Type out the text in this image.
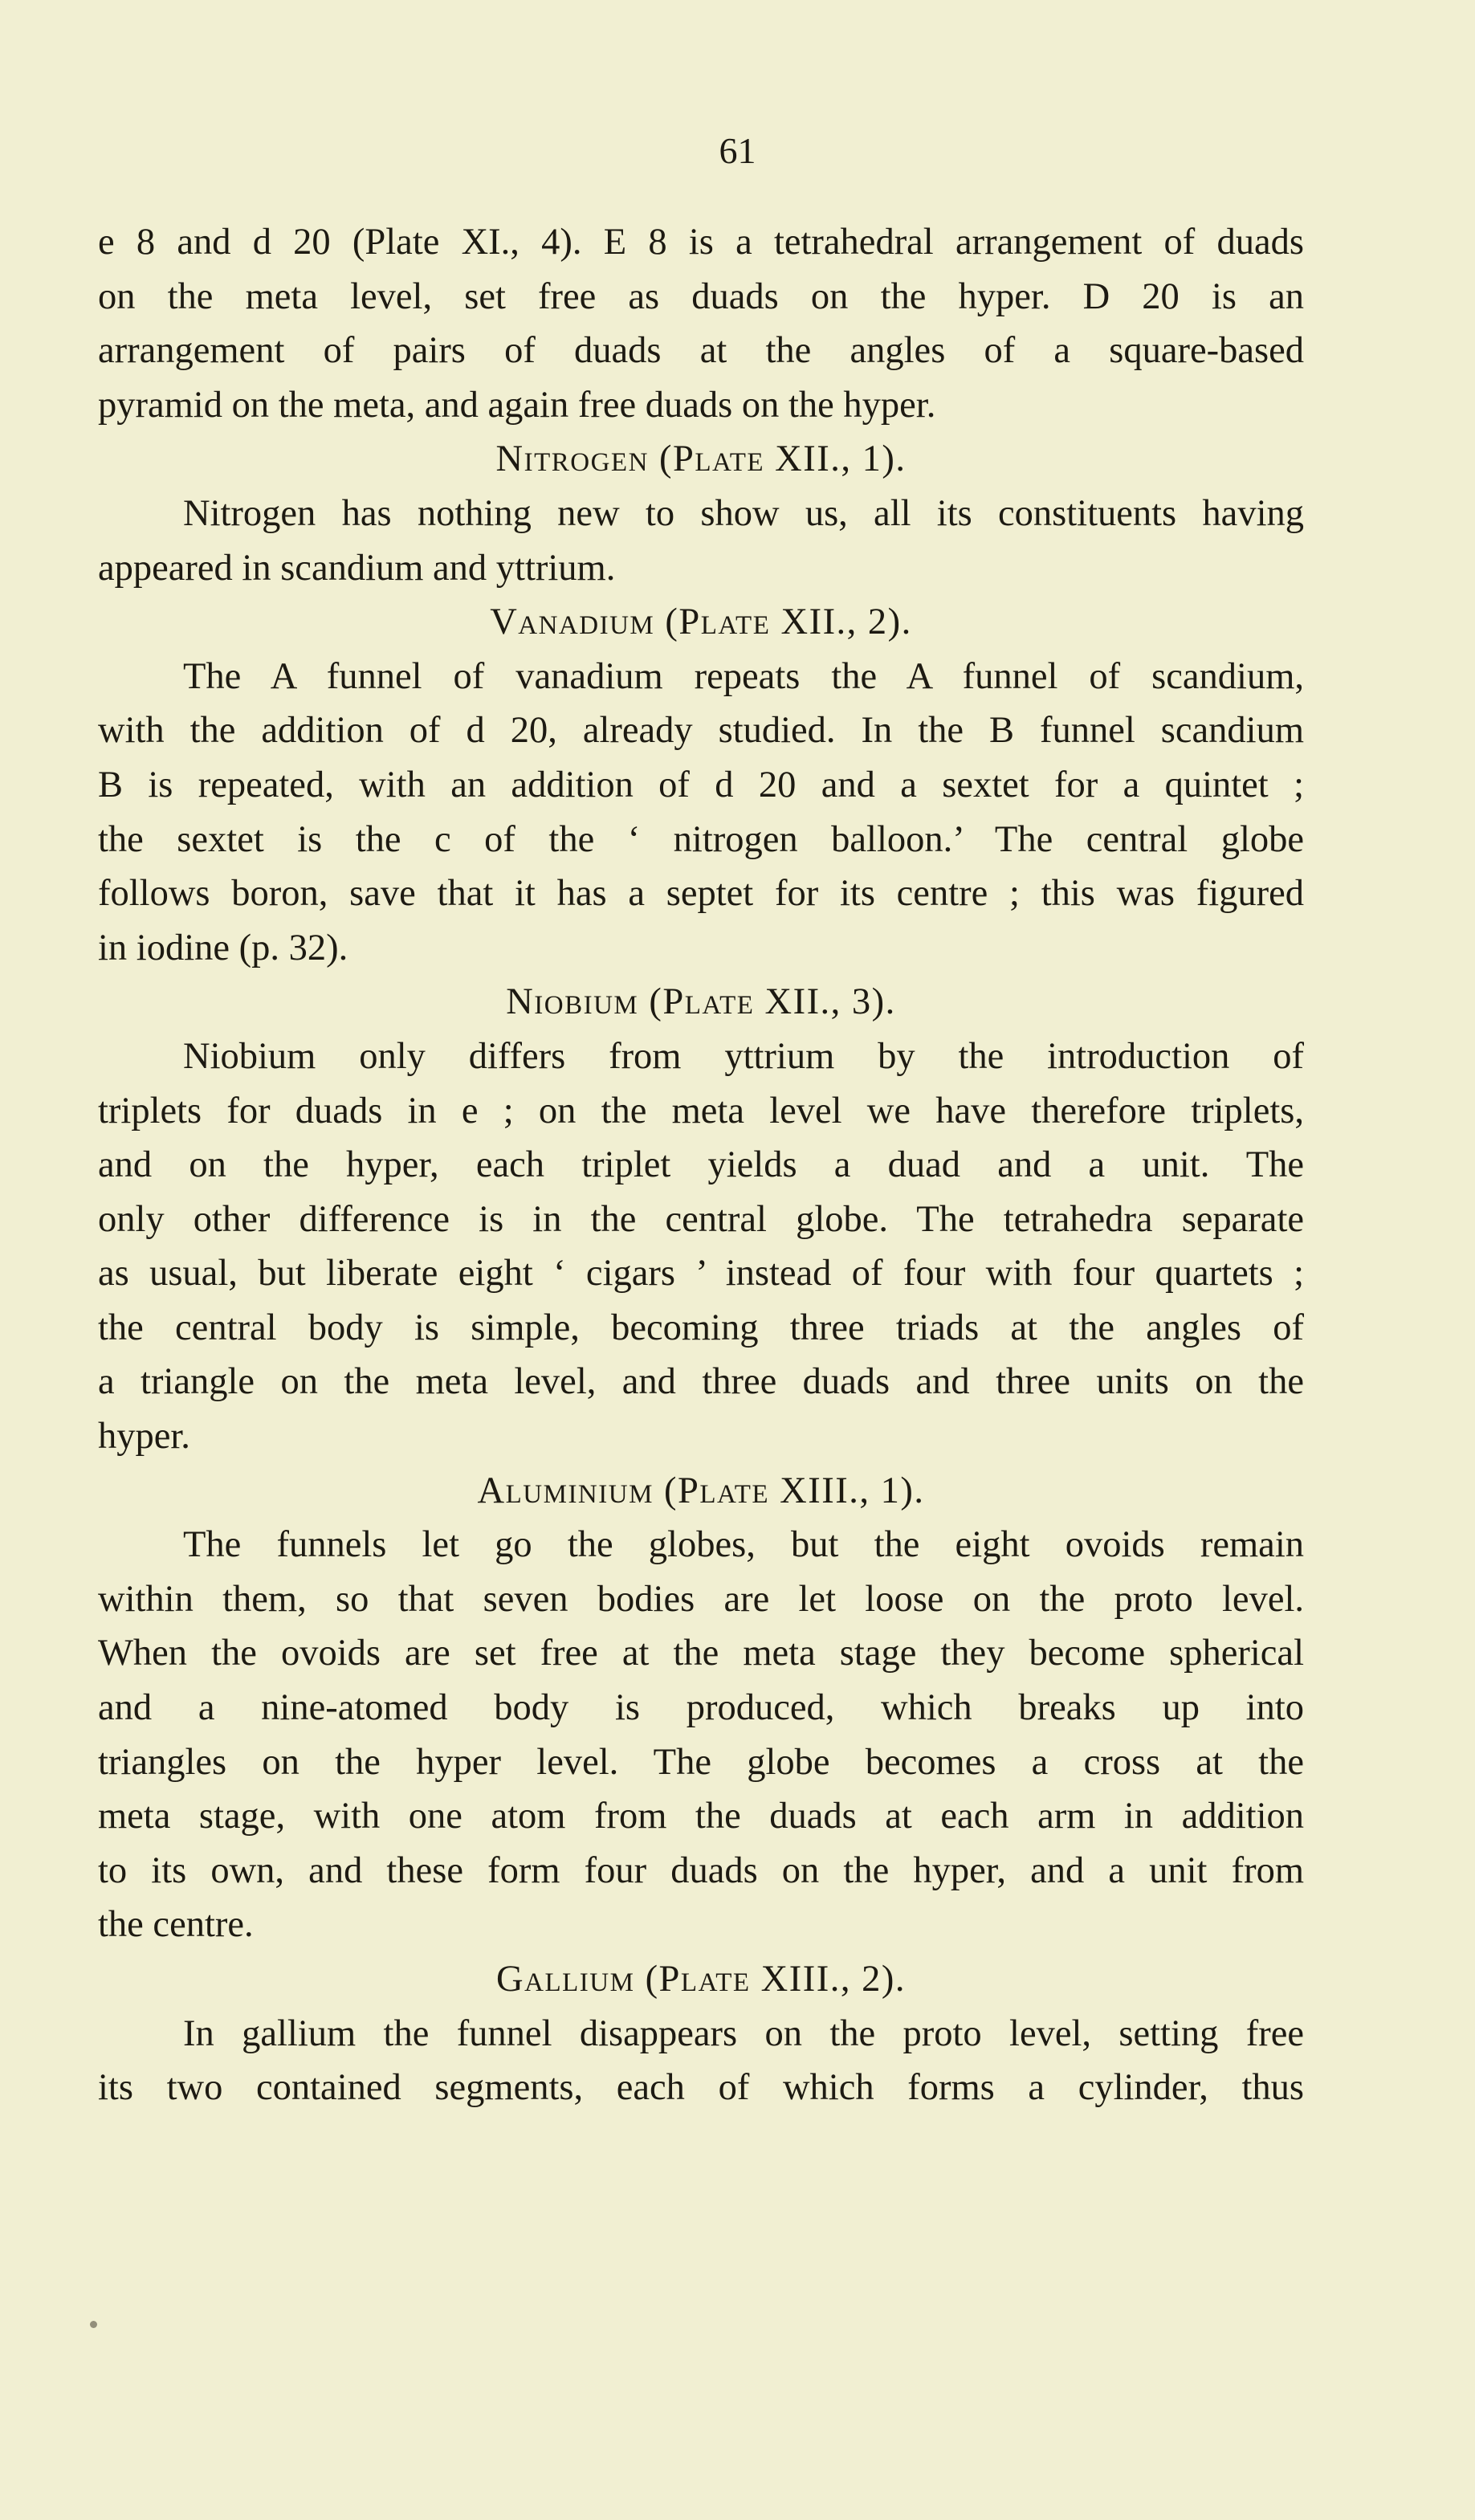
61
e 8 and d 20 (Plate XI., 4). E 8 is a tetrahedral arrangement of duads
on the meta level, set free as duads on the hyper. D 20 is an
arrangement of pairs of duads at the angles of a square-based
pyramid on the meta, and again free duads on the hyper.
Nitrogen (Plate XII., 1).
Nitrogen has nothing new to show us, all its constituents having
appeared in scandium and yttrium.
Vanadium (Plate XII., 2).
The A funnel of vanadium repeats the A funnel of scandium,
with the addition of d 20, already studied. In the B funnel scandium
B is repeated, with an addition of d 20 and a sextet for a quintet ;
the sextet is the c of the ‘ nitrogen balloon.’ The central globe
follows boron, save that it has a septet for its centre ; this was figured
in iodine (p. 32).
Niobium (Plate XII., 3).
Niobium only differs from yttrium by the introduction of
triplets for duads in e ; on the meta level we have therefore triplets,
and on the hyper, each triplet yields a duad and a unit. The
only other difference is in the central globe. The tetrahedra separate
as usual, but liberate eight ‘ cigars ’ instead of four with four quartets ;
the central body is simple, becoming three triads at the angles of
a triangle on the meta level, and three duads and three units on the
hyper.
Aluminium (Plate XIII., 1).
The funnels let go the globes, but the eight ovoids remain
within them, so that seven bodies are let loose on the proto level.
When the ovoids are set free at the meta stage they become spherical
and a nine-atomed body is produced, which breaks up into
triangles on the hyper level. The globe becomes a cross at the
meta stage, with one atom from the duads at each arm in addition
to its own, and these form four duads on the hyper, and a unit from
the centre.
Gallium (Plate XIII., 2).
In gallium the funnel disappears on the proto level, setting free
its two contained segments, each of which forms a cylinder, thus
